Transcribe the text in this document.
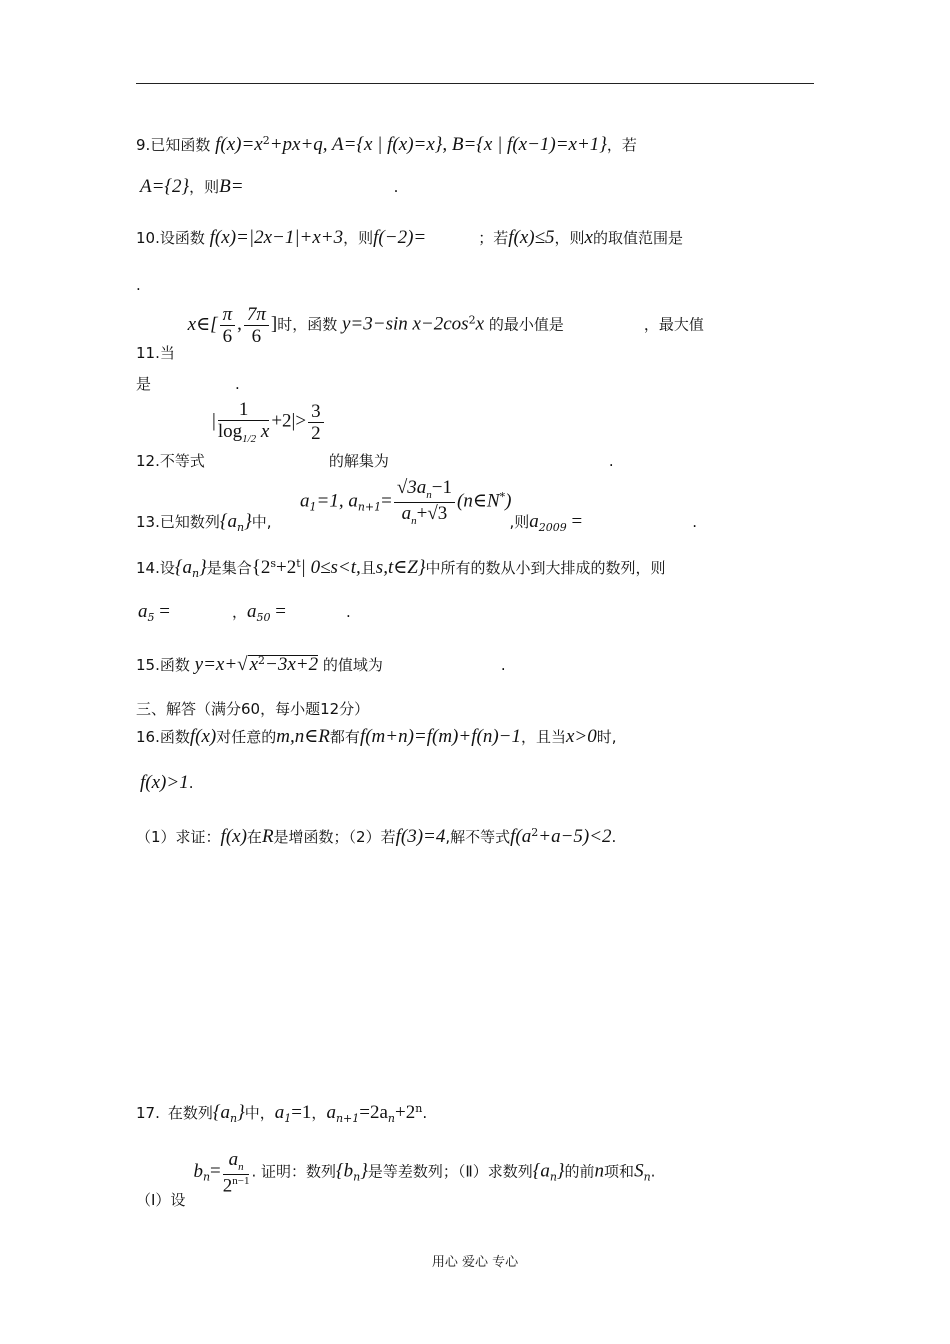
9.已知函数 $f(x)=x^2+px+q$, A={x | f(x)=x}, B={x | f(x−1)=x+1}，若
A={2}，则B=	.
10.设函数 f(x)=|2x−1|+x+3，则f(−2)=	；若f(x)≤5，则x的取值范围是
.
11.当 x∈[ $\frac{\pi}{6}$ , $\frac{7\pi}{6}$ ]时，函数 y=3−sin $x-2\cos^2x$ 的最小值是	，最大值
是	.
| $\frac{1}{\log_{1/2} x} +2|> \frac{3}{2}$
12.不等式	的解集为	.
$a_1=1$, $a_{n+1}= \frac{√3a_n-1}{a_n+√3}$ (n∈N*)
13.已知数列$\{a_n\}$中,	,则$a_{2009}$ =	.
14.设$\{a_n\}$是集合{$2^s+2^t|$ 0≤s<t,且s,t∈Z}中所有的数从小到大排成的数列，则
$a_5$ =	，$a_{50}$ =	.
15.函数 y=x+√ $x^2-3x+2$ 的值域为	.
三、解答（满分60，每小题12分）
16.函数f(x)对任意的m,n∈R都有f(m+n)=f(m)+f(n)−1，且当x>0时,
f(x)>1.
（1）求证：f(x)在R是增函数；（2）若f(3)=4,解不等式$f(a^2+a-5)<2$.
17. 在数列$\{a_n\}$中，$a_1=1$，$a_{n+1}=2a_n+2^n$.
（Ⅰ）设$b_n= \frac{a_n}{2^{n-1}}$ . 证明：数列$\{b_n\}$是等差数列；（Ⅱ）求数列$\{a_n\}$的前n项和$S_n$.
用心 爱心 专心
